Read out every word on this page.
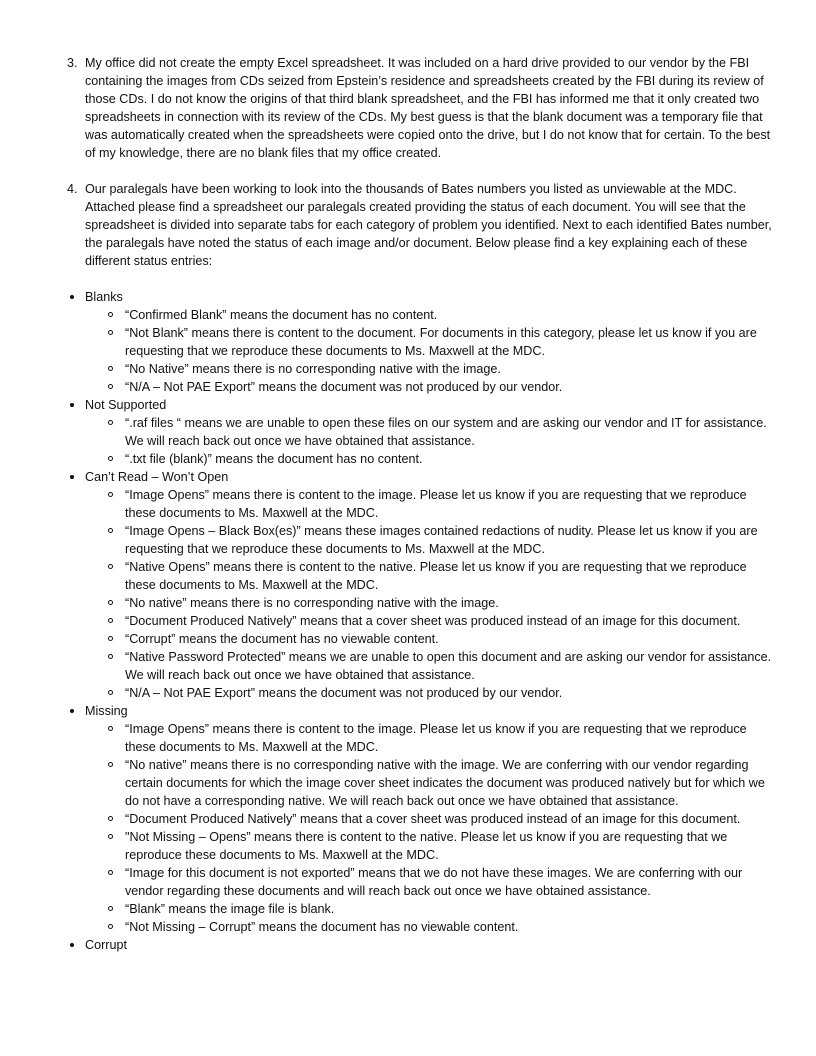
3. My office did not create the empty Excel spreadsheet. It was included on a hard drive provided to our vendor by the FBI containing the images from CDs seized from Epstein’s residence and spreadsheets created by the FBI during its review of those CDs. I do not know the origins of that third blank spreadsheet, and the FBI has informed me that it only created two spreadsheets in connection with its review of the CDs. My best guess is that the blank document was a temporary file that was automatically created when the spreadsheets were copied onto the drive, but I do not know that for certain. To the best of my knowledge, there are no blank files that my office created.
4. Our paralegals have been working to look into the thousands of Bates numbers you listed as unviewable at the MDC. Attached please find a spreadsheet our paralegals created providing the status of each document. You will see that the spreadsheet is divided into separate tabs for each category of problem you identified. Next to each identified Bates number, the paralegals have noted the status of each image and/or document. Below please find a key explaining each of these different status entries:
Blanks
“Confirmed Blank” means the document has no content.
“Not Blank” means there is content to the document. For documents in this category, please let us know if you are requesting that we reproduce these documents to Ms. Maxwell at the MDC.
“No Native” means there is no corresponding native with the image.
“N/A – Not PAE Export” means the document was not produced by our vendor.
Not Supported
“.raf files “ means we are unable to open these files on our system and are asking our vendor and IT for assistance. We will reach back out once we have obtained that assistance.
“.txt file (blank)” means the document has no content.
Can’t Read – Won’t Open
“Image Opens” means there is content to the image. Please let us know if you are requesting that we reproduce these documents to Ms. Maxwell at the MDC.
“Image Opens – Black Box(es)” means these images contained redactions of nudity. Please let us know if you are requesting that we reproduce these documents to Ms. Maxwell at the MDC.
“Native Opens” means there is content to the native. Please let us know if you are requesting that we reproduce these documents to Ms. Maxwell at the MDC.
“No native” means there is no corresponding native with the image.
“Document Produced Natively” means that a cover sheet was produced instead of an image for this document.
“Corrupt” means the document has no viewable content.
“Native Password Protected” means we are unable to open this document and are asking our vendor for assistance. We will reach back out once we have obtained that assistance.
“N/A – Not PAE Export” means the document was not produced by our vendor.
Missing
“Image Opens” means there is content to the image. Please let us know if you are requesting that we reproduce these documents to Ms. Maxwell at the MDC.
“No native” means there is no corresponding native with the image. We are conferring with our vendor regarding certain documents for which the image cover sheet indicates the document was produced natively but for which we do not have a corresponding native. We will reach back out once we have obtained that assistance.
“Document Produced Natively” means that a cover sheet was produced instead of an image for this document.
"Not Missing – Opens” means there is content to the native. Please let us know if you are requesting that we reproduce these documents to Ms. Maxwell at the MDC.
“Image for this document is not exported” means that we do not have these images. We are conferring with our vendor regarding these documents and will reach back out once we have obtained assistance.
“Blank” means the image file is blank.
“Not Missing – Corrupt” means the document has no viewable content.
Corrupt
